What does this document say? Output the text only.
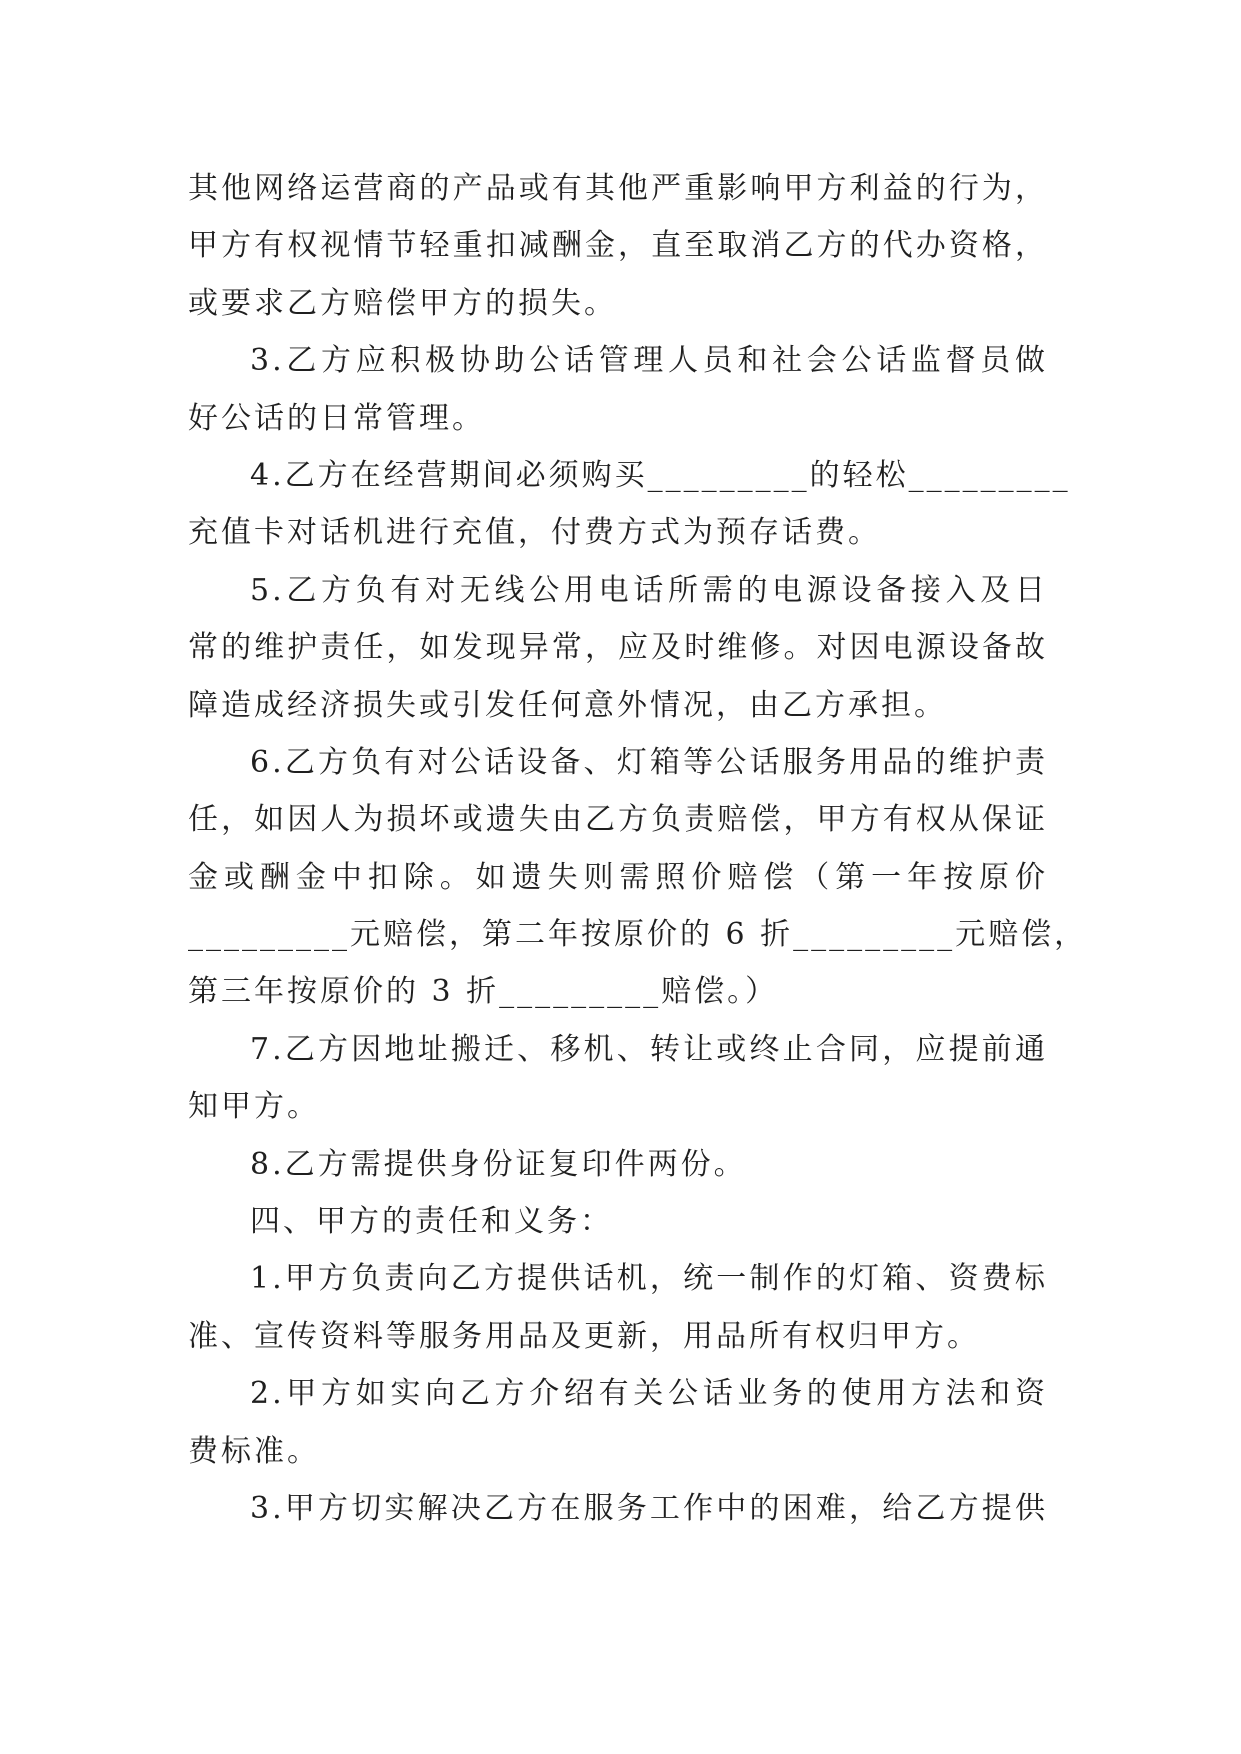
其他网络运营商的产品或有其他严重影响甲方利益的行为，
甲方有权视情节轻重扣减酬金，直至取消乙方的代办资格，
或要求乙方赔偿甲方的损失。
3.乙方应积极协助公话管理人员和社会公话监督员做
好公话的日常管理。
4.乙方在经营期间必须购买_________的轻松_________
充值卡对话机进行充值，付费方式为预存话费。
5.乙方负有对无线公用电话所需的电源设备接入及日
常的维护责任，如发现异常，应及时维修。对因电源设备故
障造成经济损失或引发任何意外情况，由乙方承担。
6.乙方负有对公话设备、灯箱等公话服务用品的维护责
任，如因人为损坏或遗失由乙方负责赔偿，甲方有权从保证
金或酬金中扣除。如遗失则需照价赔偿（第一年按原价
_________元赔偿，第二年按原价的 6 折_________元赔偿，
第三年按原价的 3 折_________赔偿。）
7.乙方因地址搬迁、移机、转让或终止合同，应提前通
知甲方。
8.乙方需提供身份证复印件两份。
四、甲方的责任和义务：
1.甲方负责向乙方提供话机，统一制作的灯箱、资费标
准、宣传资料等服务用品及更新，用品所有权归甲方。
2.甲方如实向乙方介绍有关公话业务的使用方法和资
费标准。
3.甲方切实解决乙方在服务工作中的困难，给乙方提供
